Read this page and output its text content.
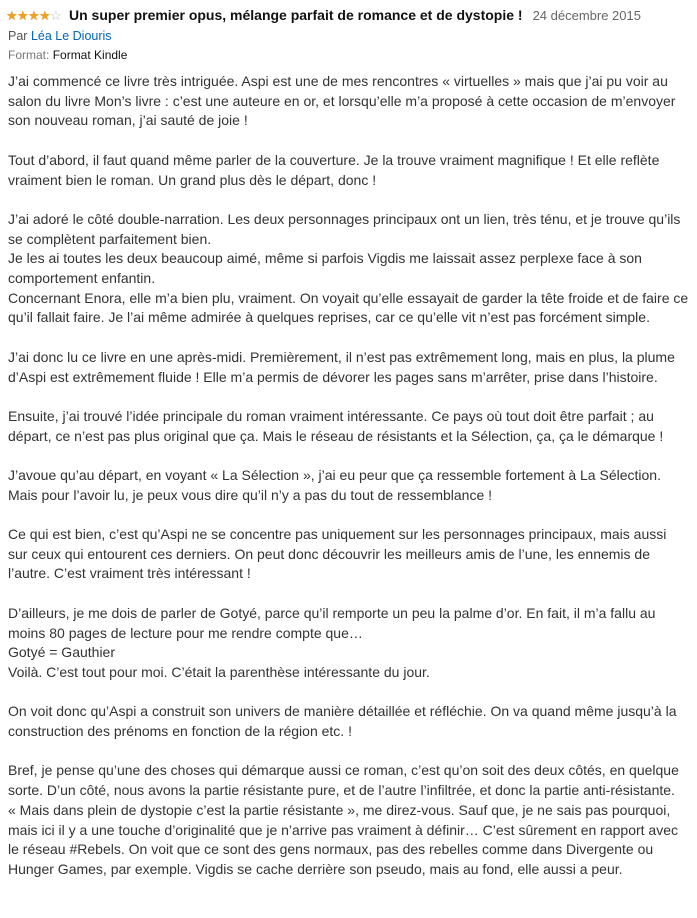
★ ★ ★ ★ ☆ Un super premier opus, mélange parfait de romance et de dystopie ! 24 décembre 2015
Par Léa Le Diouris
Format: Format Kindle

J’ai commencé ce livre très intriguée. Aspi est une de mes rencontres « virtuelles » mais que j’ai pu voir au salon du livre Mon’s livre : c’est une auteure en or, et lorsqu’elle m’a proposé à cette occasion de m’envoyer son nouveau roman, j’ai sauté de joie !

Tout d’abord, il faut quand même parler de la couverture. Je la trouve vraiment magnifique ! Et elle reflète vraiment bien le roman. Un grand plus dès le départ, donc !

J’ai adoré le côté double-narration. Les deux personnages principaux ont un lien, très ténu, et je trouve qu’ils se complètent parfaitement bien.
Je les ai toutes les deux beaucoup aimé, même si parfois Vigdis me laissait assez perplexe face à son comportement enfantin.
Concernant Enora, elle m’a bien plu, vraiment. On voyait qu’elle essayait de garder la tête froide et de faire ce qu’il fallait faire. Je l’ai même admirée à quelques reprises, car ce qu’elle vit n’est pas forcément simple.

J’ai donc lu ce livre en une après-midi. Premièrement, il n’est pas extrêmement long, mais en plus, la plume d’Aspi est extrêmement fluide ! Elle m’a permis de dévorer les pages sans m’arrêter, prise dans l’histoire.

Ensuite, j’ai trouvé l’idée principale du roman vraiment intéressante. Ce pays où tout doit être parfait ; au départ, ce n’est pas plus original que ça. Mais le réseau de résistants et la Sélection, ça, ça le démarque !

J’avoue qu’au départ, en voyant « La Sélection », j’ai eu peur que ça ressemble fortement à La Sélection. Mais pour l’avoir lu, je peux vous dire qu’il n’y a pas du tout de ressemblance !

Ce qui est bien, c’est qu’Aspi ne se concentre pas uniquement sur les personnages principaux, mais aussi sur ceux qui entourent ces derniers. On peut donc découvrir les meilleurs amis de l’une, les ennemis de l’autre. C’est vraiment très intéressant !

D’ailleurs, je me dois de parler de Gotyé, parce qu’il remporte un peu la palme d’or. En fait, il m’a fallu au moins 80 pages de lecture pour me rendre compte que…
Gotyé = Gauthier
Voilà. C’est tout pour moi. C’était la parenthèse intéressante du jour.

On voit donc qu’Aspi a construit son univers de manière détaillée et réfléchie. On va quand même jusqu’à la construction des prénoms en fonction de la région etc. !

Bref, je pense qu’une des choses qui démarque aussi ce roman, c’est qu’on soit des deux côtés, en quelque sorte. D’un côté, nous avons la partie résistante pure, et de l’autre l’infiltrée, et donc la partie anti-résistante.
« Mais dans plein de dystopie c’est la partie résistante », me direz-vous. Sauf que, je ne sais pas pourquoi, mais ici il y a une touche d’originalité que je n’arrive pas vraiment à définir… C’est sûrement en rapport avec le réseau #Rebels. On voit que ce sont des gens normaux, pas des rebelles comme dans Divergente ou Hunger Games, par exemple. Vigdis se cache derrière son pseudo, mais au fond, elle aussi a peur.
